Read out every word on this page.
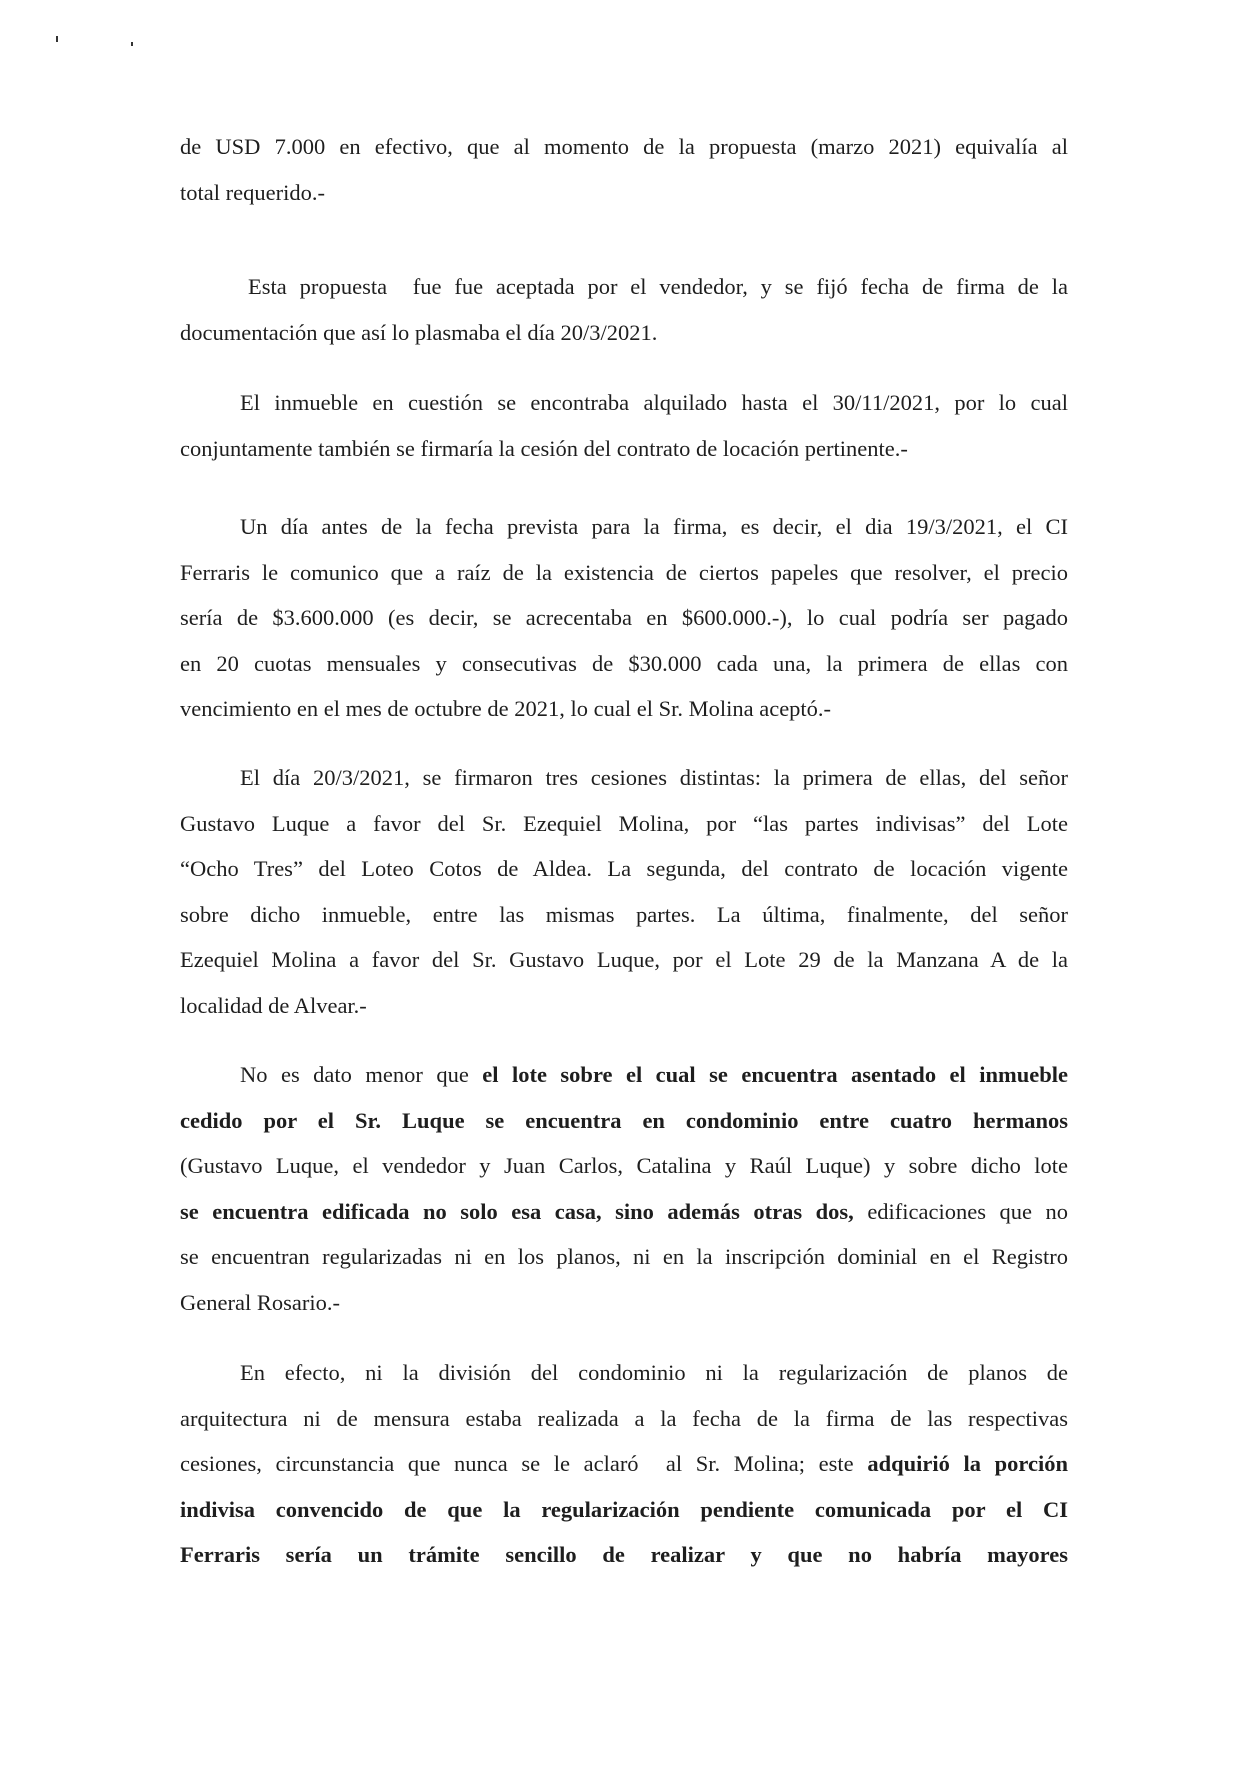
de USD 7.000 en efectivo, que al momento de la propuesta (marzo 2021) equivalía al
total requerido.-
Esta propuesta  fue fue aceptada por el vendedor, y se fijó fecha de firma de la
documentación que así lo plasmaba el día 20/3/2021.
El inmueble en cuestión se encontraba alquilado hasta el 30/11/2021, por lo cual
conjuntamente también se firmaría la cesión del contrato de locación pertinente.-
Un día antes de la fecha prevista para la firma, es decir, el dia 19/3/2021, el CI
Ferraris le comunico que a raíz de la existencia de ciertos papeles que resolver, el precio
sería de $3.600.000 (es decir, se acrecentaba en $600.000.-), lo cual podría ser pagado
en 20 cuotas mensuales y consecutivas de $30.000 cada una, la primera de ellas con
vencimiento en el mes de octubre de 2021, lo cual el Sr. Molina aceptó.-
El día 20/3/2021, se firmaron tres cesiones distintas: la primera de ellas, del señor
Gustavo Luque a favor del Sr. Ezequiel Molina, por “las partes indivisas” del Lote
“Ocho Tres” del Loteo Cotos de Aldea. La segunda, del contrato de locación vigente
sobre dicho inmueble, entre las mismas partes. La última, finalmente, del señor
Ezequiel Molina a favor del Sr. Gustavo Luque, por el Lote 29 de la Manzana A de la
localidad de Alvear.-
No es dato menor que el lote sobre el cual se encuentra asentado el inmueble
cedido por el Sr. Luque se encuentra en condominio entre cuatro hermanos
(Gustavo Luque, el vendedor y Juan Carlos, Catalina y Raúl Luque) y sobre dicho lote
se encuentra edificada no solo esa casa, sino además otras dos, edificaciones que no
se encuentran regularizadas ni en los planos, ni en la inscripción dominial en el Registro
General Rosario.-
En efecto, ni la división del condominio ni la regularización de planos de
arquitectura ni de mensura estaba realizada a la fecha de la firma de las respectivas
cesiones, circunstancia que nunca se le aclaró  al Sr. Molina; este adquirió la porción
indivisa convencido de que la regularización pendiente comunicada por el CI
Ferraris sería un trámite sencillo de realizar y que no habría mayores
